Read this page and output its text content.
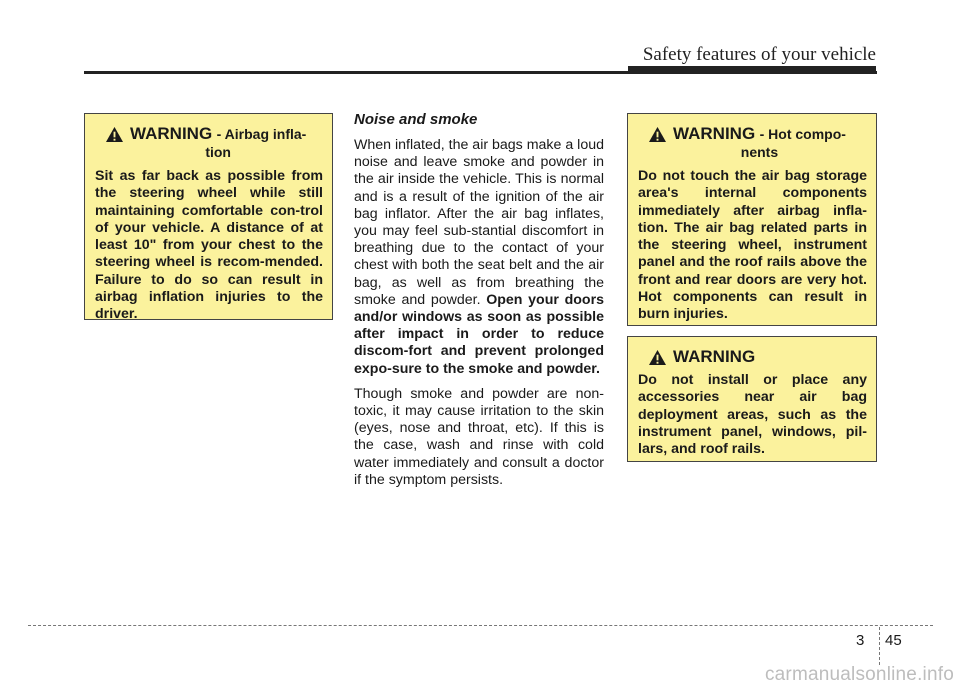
Safety features of your vehicle
WARNING - Airbag infla-
tion
Sit as far back as possible from the steering wheel while still maintaining comfortable con-trol of your vehicle. A distance of at least 10" from your chest to the steering wheel is recom-mended. Failure to do so can result in airbag inflation injuries to the driver.
Noise and smoke

When inflated, the air bags make a loud noise and leave smoke and powder in the air inside the vehicle. This is normal and is a result of the ignition of the air bag inflator. After the air bag inflates, you may feel sub-stantial discomfort in breathing due to the contact of your chest with both the seat belt and the air bag, as well as from breathing the smoke and powder. Open your doors and/or windows as soon as possible after impact in order to reduce discom-fort and prevent prolonged expo-sure to the smoke and powder.

Though smoke and powder are non-toxic, it may cause irritation to the skin (eyes, nose and throat, etc). If this is the case, wash and rinse with cold water immediately and consult a doctor if the symptom persists.

WARNING - Hot compo-
nents
Do not touch the air bag storage area's internal components immediately after airbag infla-tion. The air bag related parts in the steering wheel, instrument panel and the roof rails above the front and rear doors are very hot. Hot components can result in burn injuries.
WARNING
Do not install or place any accessories near air bag deployment areas, such as the instrument panel, windows, pil-lars, and roof rails.
3 45
carmanualsonline.info
